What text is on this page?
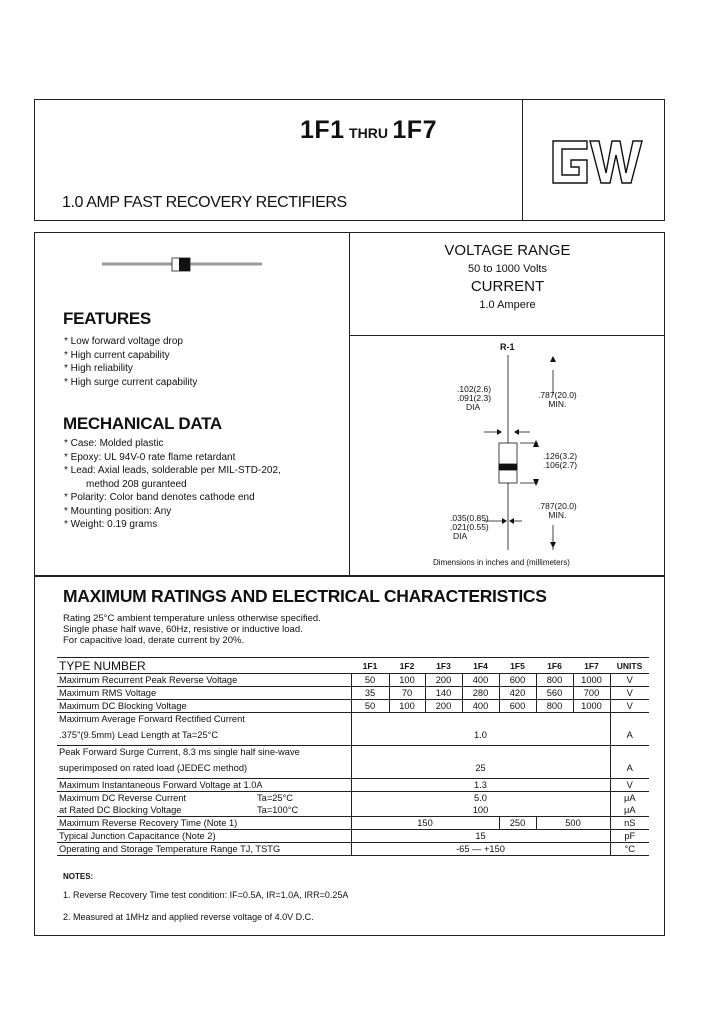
1F1 THRU 1F7
1.0 AMP FAST RECOVERY RECTIFIERS
FEATURES
* Low forward voltage drop
* High current capability
* High reliability
* High surge current capability
MECHANICAL DATA
* Case: Molded plastic
* Epoxy: UL 94V-0 rate flame retardant
* Lead: Axial leads, solderable per MIL-STD-202,
method 208 guranteed
* Polarity: Color band denotes cathode end
* Mounting position: Any
* Weight: 0.19 grams
VOLTAGE RANGE
50 to 1000 Volts
CURRENT
1.0 Ampere
R-1
.102(2.6)
.091(2.3)
DIA
.787(20.0)
MIN.
.126(3.2)
.106(2.7)
.787(20.0)
MIN.
.035(0.85)
.021(0.55)
DIA
Dimensions in inches and (millimeters)
MAXIMUM RATINGS AND ELECTRICAL CHARACTERISTICS
Rating 25°C ambient temperature unless otherwise specified.
Single phase half wave, 60Hz, resistive or inductive load.
For capacitive load, derate current by 20%.
TYPE NUMBER	1F1	1F2	1F3	1F4	1F5	1F6	1F7	UNITS
Maximum Recurrent Peak Reverse Voltage	50	100	200	400	600	800	1000	V
Maximum RMS Voltage	35	70	140	280	420	560	700	V
Maximum DC Blocking Voltage	50	100	200	400	600	800	1000	V
Maximum Average Forward Rectified Current								
.375"(9.5mm) Lead Length at Ta=25°C	1.0							A
Peak Forward Surge Current, 8.3 ms single half sine-wave								
superimposed on rated load (JEDEC method)	25							A
Maximum Instantaneous Forward Voltage at 1.0A	1.3							V
Maximum DC Reverse Current Ta=25°C	5.0							μA
at Rated DC Blocking Voltage Ta=100°C	100							μA
Maximum Reverse Recovery Time (Note 1)	150				250	500		nS
Typical Junction Capacitance (Note 2)	15							pF
Operating and Storage Temperature Range TJ, TSTG	-65 — +150							°C
NOTES:
1. Reverse Recovery Time test condition: IF=0.5A, IR=1.0A, IRR=0.25A
2. Measured at 1MHz and applied reverse voltage of 4.0V D.C.
